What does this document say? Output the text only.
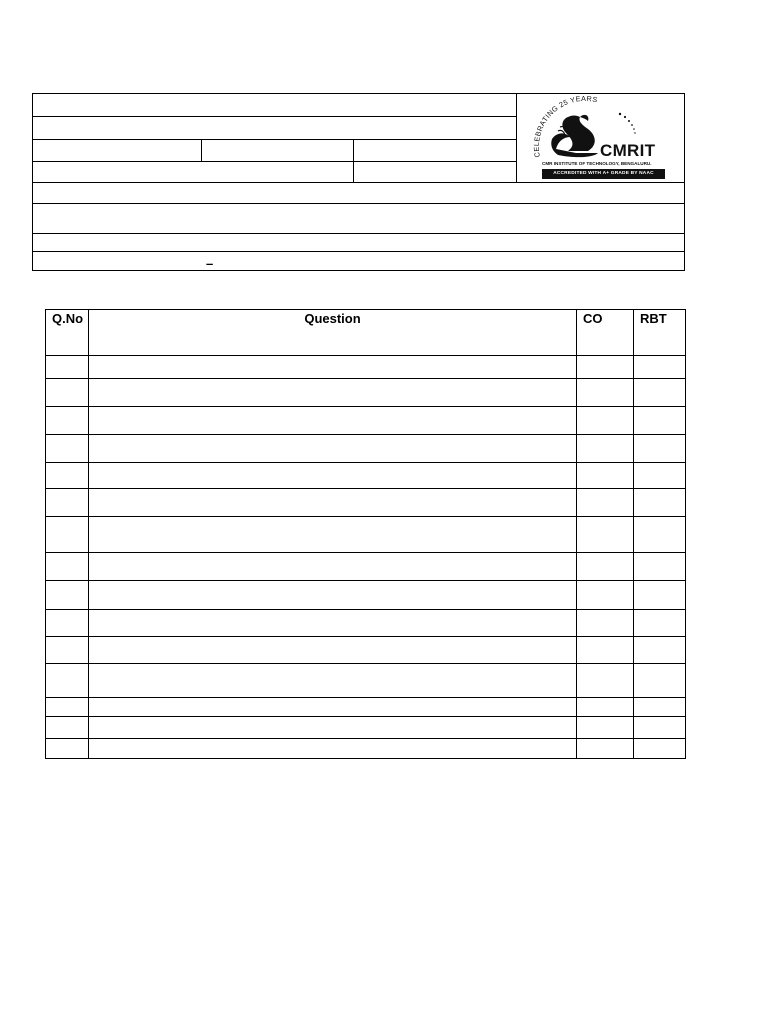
–
CELEBRATING 25 YEARS
CMRIT
CMR INSTITUTE OF TECHNOLOGY, BENGALURU.
ACCREDITED WITH A+ GRADE BY NAAC
Q.No	Question	CO	RBT
